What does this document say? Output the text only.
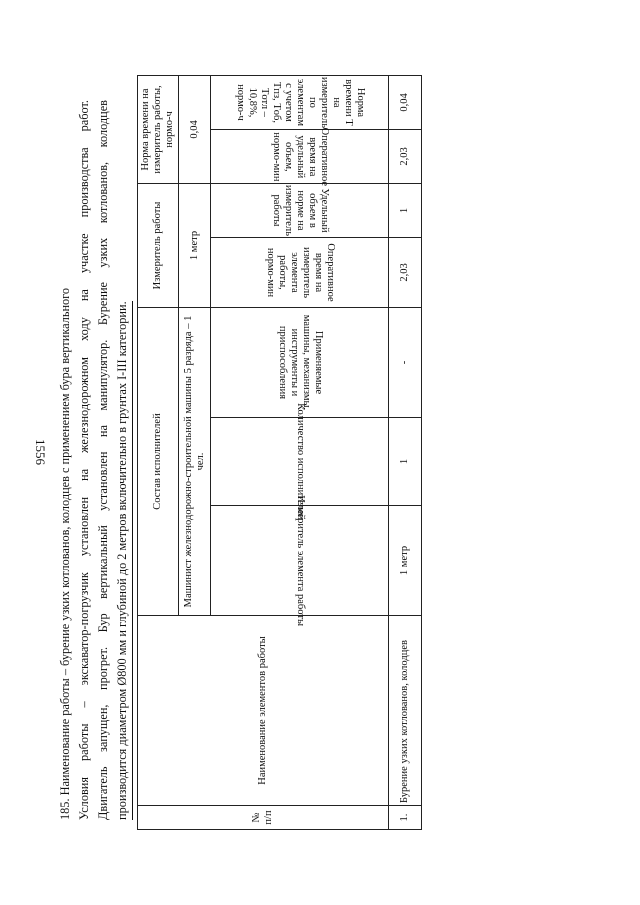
1556 185. Наименование работы – бурение узких котлованов, колодцев с применением бура вертикального Условия работы – экскаватор-погрузчик установлен на железнодорожном ходу на участке производства работ. Двигатель запущен, прогрет. Бур вертикальный установлен на манипулятор. Бурение узких котлованов, колодцев производится диаметром Ø800 мм и глубиной до 2 метров включительно в грунтах I-III категории.	№ п/п	Наименование элементов работы	Состав исполнителей			Измеритель работы		Норма времени на измеритель работы, нормо-ч	
		Машинист железнодорожно-строительной машины 5 разряда – 1 чел.			1 метр		0,04	

		Измеритель элемента работы	Количество исполнителей	Применяемые машины, механизмы, инструменты и приспособления	Оперативное время на измеритель элемента работы, нормо-мин	Удельный объем в норме на измеритель работы	Оперативное время на удельный объем, нормо-мин	Норма времени Т на измеритель по элементам с учетом Tпз, Tоб, Tотл – 10,8%, нормо-ч

1.	Бурение узких котлованов, колодцев	1 метр	1	-	2,03	1	2,03	0,04
